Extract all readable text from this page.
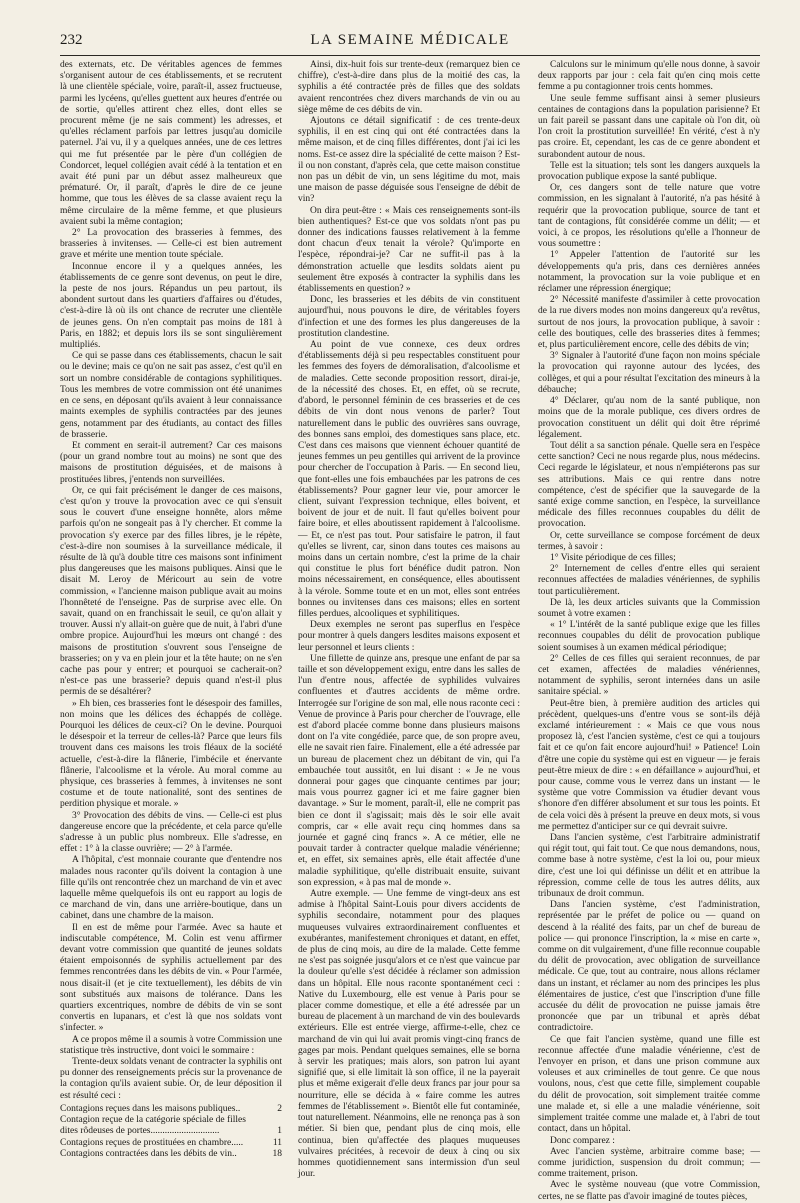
232	LA SEMAINE MÉDICALE

des externats, etc. De véritables agences de femmes s'organisent autour de ces établissements, et se recrutent là une clientèle spéciale, voire, paraît-il, assez fructueuse, parmi les lycéens, qu'elles guettent aux heures d'entrée ou de sortie, qu'elles attirent chez elles, dont elles se procurent même (je ne sais comment) les adresses, et qu'elles réclament parfois par lettres jusqu'au domicile paternel. J'ai vu, il y a quelques années, une de ces lettres qui me fut présentée par le père d'un collégien de Condorcet, lequel collégien avait cédé à la tentation et en avait été puni par un début assez malheureux que prématuré. Or, il paraît, d'après le dire de ce jeune homme, que tous les élèves de sa classe avaient reçu la même circulaire de la même femme, et que plusieurs avaient subi la même contagion;

2° La provocation des brasseries à femmes, des brasseries à invitenses. — Celle-ci est bien autrement grave et mérite une mention toute spéciale.

Inconnue encore il y a quelques années, les établissements de ce genre sont devenus, on peut le dire, la peste de nos jours. Répandus un peu partout, ils abondent surtout dans les quartiers d'affaires ou d'études, c'est-à-dire là où ils ont chance de recruter une clientèle de jeunes gens. On n'en comptait pas moins de 181 à Paris, en 1882; et depuis lors ils se sont singulièrement multipliés.

Ce qui se passe dans ces établissements, chacun le sait ou le devine; mais ce qu'on ne sait pas assez, c'est qu'il en sort un nombre considérable de contagions syphilitiques. Tous les membres de votre commission ont été unanimes en ce sens, en déposant qu'ils avaient à leur connaissance maints exemples de syphilis contractées par des jeunes gens, notamment par des étudiants, au contact des filles de brasserie.

Et comment en serait-il autrement? Car ces maisons (pour un grand nombre tout au moins) ne sont que des maisons de prostitution déguisées, et de maisons à prostituées libres, j'entends non surveillées.

Or, ce qui fait précisément le danger de ces maisons, c'est qu'on y trouve la provocation avec ce qui s'ensuit sous le couvert d'une enseigne honnête, alors même parfois qu'on ne songeait pas à l'y chercher. Et comme la provocation s'y exerce par des filles libres, je le répète, c'est-à-dire non soumises à la surveillance médicale, il résulte de là qu'à double titre ces maisons sont infiniment plus dangereuses que les maisons publiques. Ainsi que le disait M. Leroy de Méricourt au sein de votre commission, « l'ancienne maison publique avait au moins l'honnêteté de l'enseigne. Pas de surprise avec elle. On savait, quand on en franchissait le seuil, ce qu'on allait y trouver. Aussi n'y allait-on guère que de nuit, à l'abri d'une ombre propice. Aujourd'hui les mœurs ont changé : des maisons de prostitution s'ouvrent sous l'enseigne de brasseries; on y va en plein jour et la tête haute; on ne s'en cache pas pour y entrer; et pourquoi se cacherait-on? n'est-ce pas une brasserie? depuis quand n'est-il plus permis de se désaltérer?

» Eh bien, ces brasseries font le désespoir des familles, non moins que les délices des échappés de collège. Pourquoi les délices de ceux-ci? On le devine. Pourquoi le désespoir et la terreur de celles-là? Parce que leurs fils trouvent dans ces maisons les trois fléaux de la société actuelle, c'est-à-dire la flânerie, l'imbécile et énervante flânerie, l'alcoolisme et la vérole. Au moral comme au physique, ces brasseries à femmes, à invitenses ne sont costume et de toute nationalité, sont des sentines de perdition physique et morale. »

3° Provocation des débits de vins. — Celle-ci est plus dangereuse encore que la précédente, et cela parce qu'elle s'adresse à un public plus nombreux. Elle s'adresse, en effet : 1° à la classe ouvrière; — 2° à l'armée.

A l'hôpital, c'est monnaie courante que d'entendre nos malades nous raconter qu'ils doivent la contagion à une fille qu'ils ont rencontrée chez un marchand de vin et avec laquelle même quelquefois ils ont eu rapport au logis de ce marchand de vin, dans une arrière-boutique, dans un cabinet, dans une chambre de la maison.

Il en est de même pour l'armée. Avec sa haute et indiscutable compétence, M. Colin est venu affirmer devant votre commission que quantité de jeunes soldats étaient empoisonnés de syphilis actuellement par des femmes rencontrées dans les débits de vin. « Pour l'armée, nous disait-il (et je cite textuellement), les débits de vin sont substitués aux maisons de tolérance. Dans les quartiers excentriques, nombre de débits de vin se sont convertis en lupanars, et c'est là que nos soldats vont s'infecter. »

A ce propos même il a soumis à votre Commission une statistique très instructive, dont voici le sommaire :

Trente-deux soldats venant de contracter la syphilis ont pu donner des renseignements précis sur la provenance de la contagion qu'ils avaient subie. Or, de leur déposition il est résulté ceci :

Contagions reçues dans les maisons publiques..	2
Contagion reçue de la catégorie spéciale de filles
dites rôdeuses de portes.............................	1
Contagions reçues de prostituées en chambre.....	11
Contagions contractées dans les débits de vin..	18

Ainsi, dix-huit fois sur trente-deux (remarquez bien ce chiffre), c'est-à-dire dans plus de la moitié des cas, la syphilis a été contractée près de filles que des soldats avaient rencontrées chez divers marchands de vin ou au siège même de ces débits de vin.

Ajoutons ce détail significatif : de ces trente-deux syphilis, il en est cinq qui ont été contractées dans la même maison, et de cinq filles différentes, dont j'ai ici les noms. Est-ce assez dire la spécialité de cette maison ? Est-il ou non constant, d'après cela, que cette maison constitue non pas un débit de vin, un sens légitime du mot, mais une maison de passe déguisée sous l'enseigne de débit de vin?

On dira peut-être : « Mais ces renseignements sont-ils bien authentiques? Est-ce que vos soldats n'ont pas pu donner des indications fausses relativement à la femme dont chacun d'eux tenait la vérole? Qu'importe en l'espèce, répondrai-je? Car ne suffit-il pas à la démonstration actuelle que lesdits soldats aient pu seulement être exposés à contracter la syphilis dans les établissements en question? »

Donc, les brasseries et les débits de vin constituent aujourd'hui, nous pouvons le dire, de véritables foyers d'infection et une des formes les plus dangereuses de la prostitution clandestine.

Au point de vue connexe, ces deux ordres d'établissements déjà si peu respectables constituent pour les femmes des foyers de démoralisation, d'alcoolisme et de maladies. Cette seconde proposition ressort, dirai-je, de la nécessité des choses. Et, en effet, où se recrute, d'abord, le personnel féminin de ces brasseries et de ces débits de vin dont nous venons de parler? Tout naturellement dans le public des ouvrières sans ouvrage, des bonnes sans emploi, des domestiques sans place, etc. C'est dans ces maisons que viennent échouer quantité de jeunes femmes un peu gentilles qui arrivent de la province pour chercher de l'occupation à Paris. — En second lieu, que font-elles une fois embauchées par les patrons de ces établissements? Pour gagner leur vie, pour amorcer le client, suivant l'expression technique, elles boivent, et boivent de jour et de nuit. Il faut qu'elles boivent pour faire boire, et elles aboutissent rapidement à l'alcoolisme. — Et, ce n'est pas tout. Pour satisfaire le patron, il faut qu'elles se livrent, car, sinon dans toutes ces maisons au moins dans un certain nombre, c'est la prime de la chair qui constitue le plus fort bénéfice dudit patron. Non moins nécessairement, en conséquence, elles aboutissent à la vérole. Somme toute et en un mot, elles sont entrées bonnes ou invitenses dans ces maisons; elles en sortent filles perdues, alcooliques et syphilitiques.

Deux exemples ne seront pas superflus en l'espèce pour montrer à quels dangers lesdites maisons exposent et leur personnel et leurs clients :

Une fillette de quinze ans, presque une enfant de par sa taille et son développement exigu, entre dans les salles de l'un d'entre nous, affectée de syphilides vulvaires confluentes et d'autres accidents de même ordre. Interrogée sur l'origine de son mal, elle nous raconte ceci : Venue de province à Paris pour chercher de l'ouvrage, elle est d'abord placée comme bonne dans plusieurs maisons dont on l'a vite congédiée, parce que, de son propre aveu, elle ne savait rien faire. Finalement, elle a été adressée par un bureau de placement chez un débitant de vin, qui l'a embauchée tout aussitôt, en lui disant : « Je ne vous donnerai pour gages que cinquante centimes par jour; mais vous pourrez gagner ici et me faire gagner bien davantage. » Sur le moment, paraît-il, elle ne comprit pas bien ce dont il s'agissait; mais dès le soir elle avait compris, car « elle avait reçu cinq hommes dans sa journée et gagné cinq francs ». A ce métier, elle ne pouvait tarder à contracter quelque maladie vénérienne; et, en effet, six semaines après, elle était affectée d'une maladie syphilitique, qu'elle distribuait ensuite, suivant son expression, « à pas mal de monde ».

Autre exemple. — Une femme de vingt-deux ans est admise à l'hôpital Saint-Louis pour divers accidents de syphilis secondaire, notamment pour des plaques muqueuses vulvaires extraordinairement confluentes et exubérantes, manifestement chroniques et datant, en effet, de plus de cinq mois, au dire de la malade. Cette femme ne s'est pas soignée jusqu'alors et ce n'est que vaincue par la douleur qu'elle s'est décidée à réclamer son admission dans un hôpital. Elle nous raconte spontanément ceci : Native du Luxembourg, elle est venue à Paris pour se placer comme domestique, et elle a été adressée par un bureau de placement à un marchand de vin des boulevards extérieurs. Elle est entrée vierge, affirme-t-elle, chez ce marchand de vin qui lui avait promis vingt-cinq francs de gages par mois. Pendant quelques semaines, elle se borna à servir les pratiques; mais alors, son patron lui ayant signifié que, si elle limitait là son office, il ne la payerait plus et même exigerait d'elle deux francs par jour pour sa nourriture, elle se décida à « faire comme les autres femmes de l'établissement ». Bientôt elle fut contaminée, tout naturellement. Néanmoins, elle ne renonça pas à son métier. Si bien que, pendant plus de cinq mois, elle continua, bien qu'affectée des plaques muqueuses vulvaires précitées, à recevoir de deux à cinq ou six hommes quotidiennement sans intermission d'un seul jour.

Calculons sur le minimum qu'elle nous donne, à savoir deux rapports par jour : cela fait qu'en cinq mois cette femme a pu contagionner trois cents hommes.

Une seule femme suffisant ainsi à semer plusieurs centaines de contagions dans la population parisienne? Et un fait pareil se passant dans une capitale où l'on dit, où l'on croit la prostitution surveillée! En vérité, c'est à n'y pas croire. Et, cependant, les cas de ce genre abondent et surabondent autour de nous.

Telle est la situation; tels sont les dangers auxquels la provocation publique expose la santé publique.

Or, ces dangers sont de telle nature que votre commission, en les signalant à l'autorité, n'a pas hésité à requérir que la provocation publique, source de tant et tant de contagions, fût considérée comme un délit; — et voici, à ce propos, les résolutions qu'elle a l'honneur de vous soumettre :

1° Appeler l'attention de l'autorité sur les développements qu'a pris, dans ces dernières années notamment, la provocation sur la voie publique et en réclamer une répression énergique;

2° Nécessité manifeste d'assimiler à cette provocation de la rue divers modes non moins dangereux qu'a revêtus, surtout de nos jours, la provocation publique, à savoir : celle des boutiques, celle des brasseries dites à femmes; et, plus particulièrement encore, celle des débits de vin;

3° Signaler à l'autorité d'une façon non moins spéciale la provocation qui rayonne autour des lycées, des collèges, et qui a pour résultat l'excitation des mineurs à la débauche;

4° Déclarer, qu'au nom de la santé publique, non moins que de la morale publique, ces divers ordres de provocation constituent un délit qui doit être réprimé légalement.

Tout délit a sa sanction pénale. Quelle sera en l'espèce cette sanction? Ceci ne nous regarde plus, nous médecins. Ceci regarde le législateur, et nous n'empiéterons pas sur ses attributions. Mais ce qui rentre dans notre compétence, c'est de spécifier que la sauvegarde de la santé exige comme sanction, en l'espèce, la surveillance médicale des filles reconnues coupables du délit de provocation.

Or, cette surveillance se compose forcément de deux termes, à savoir :

1° Visite périodique de ces filles;

2° Internement de celles d'entre elles qui seraient reconnues affectées de maladies vénériennes, de syphilis tout particulièrement.

De là, les deux articles suivants que la Commission soumet à votre examen :

« 1° L'intérêt de la santé publique exige que les filles reconnues coupables du délit de provocation publique soient soumises à un examen médical périodique;

2° Celles de ces filles qui seraient reconnues, de par cet examen, affectées de maladies vénériennes, notamment de syphilis, seront internées dans un asile sanitaire spécial. »

Peut-être bien, à première audition des articles qui précèdent, quelques-uns d'entre vous se sont-ils déjà exclamé intérieurement : « Mais ce que vous nous proposez là, c'est l'ancien système, c'est ce qui a toujours fait et ce qu'on fait encore aujourd'hui! » Patience! Loin d'être une copie du système qui est en vigueur — je ferais peut-être mieux de dire : « en défaillance » aujourd'hui, et pour cause, comme vous le verrez dans un instant — le système que votre Commission va étudier devant vous s'honore d'en différer absolument et sur tous les points. Et de cela voici dès à présent la preuve en deux mots, si vous me permettez d'anticiper sur ce qui devrait suivre.

Dans l'ancien système, c'est l'arbitraire administratif qui régit tout, qui fait tout. Ce que nous demandons, nous, comme base à notre système, c'est la loi ou, pour mieux dire, c'est une loi qui définisse un délit et en attribue la répression, comme celle de tous les autres délits, aux tribunaux de droit commun.

Dans l'ancien système, c'est l'administration, représentée par le préfet de police ou — quand on descend à la réalité des faits, par un chef de bureau de police — qui prononce l'inscription, la « mise en carte », comme on dit vulgairement, d'une fille reconnue coupable du délit de provocation, avec obligation de surveillance médicale. Ce que, tout au contraire, nous allons réclamer dans un instant, et réclamer au nom des principes les plus élémentaires de justice, c'est que l'inscription d'une fille accusée du délit de provocation ne puisse jamais être prononcée que par un tribunal et après débat contradictoire.

Ce que fait l'ancien système, quand une fille est reconnue affectée d'une maladie vénérienne, c'est de l'envoyer en prison, et dans une prison commune aux voleuses et aux criminelles de tout genre. Ce que nous voulons, nous, c'est que cette fille, simplement coupable du délit de provocation, soit simplement traitée comme une malade et, si elle a une maladie vénérienne, soit simplement traitée comme une malade et, à l'abri de tout contact, dans un hôpital.

Donc comparez :

Avec l'ancien système, arbitraire comme base; — comme juridiction, suspension du droit commun; — comme traitement, prison.

Avec le système nouveau (que votre Commission, certes, ne se flatte pas d'avoir imaginé de toutes pièces,
